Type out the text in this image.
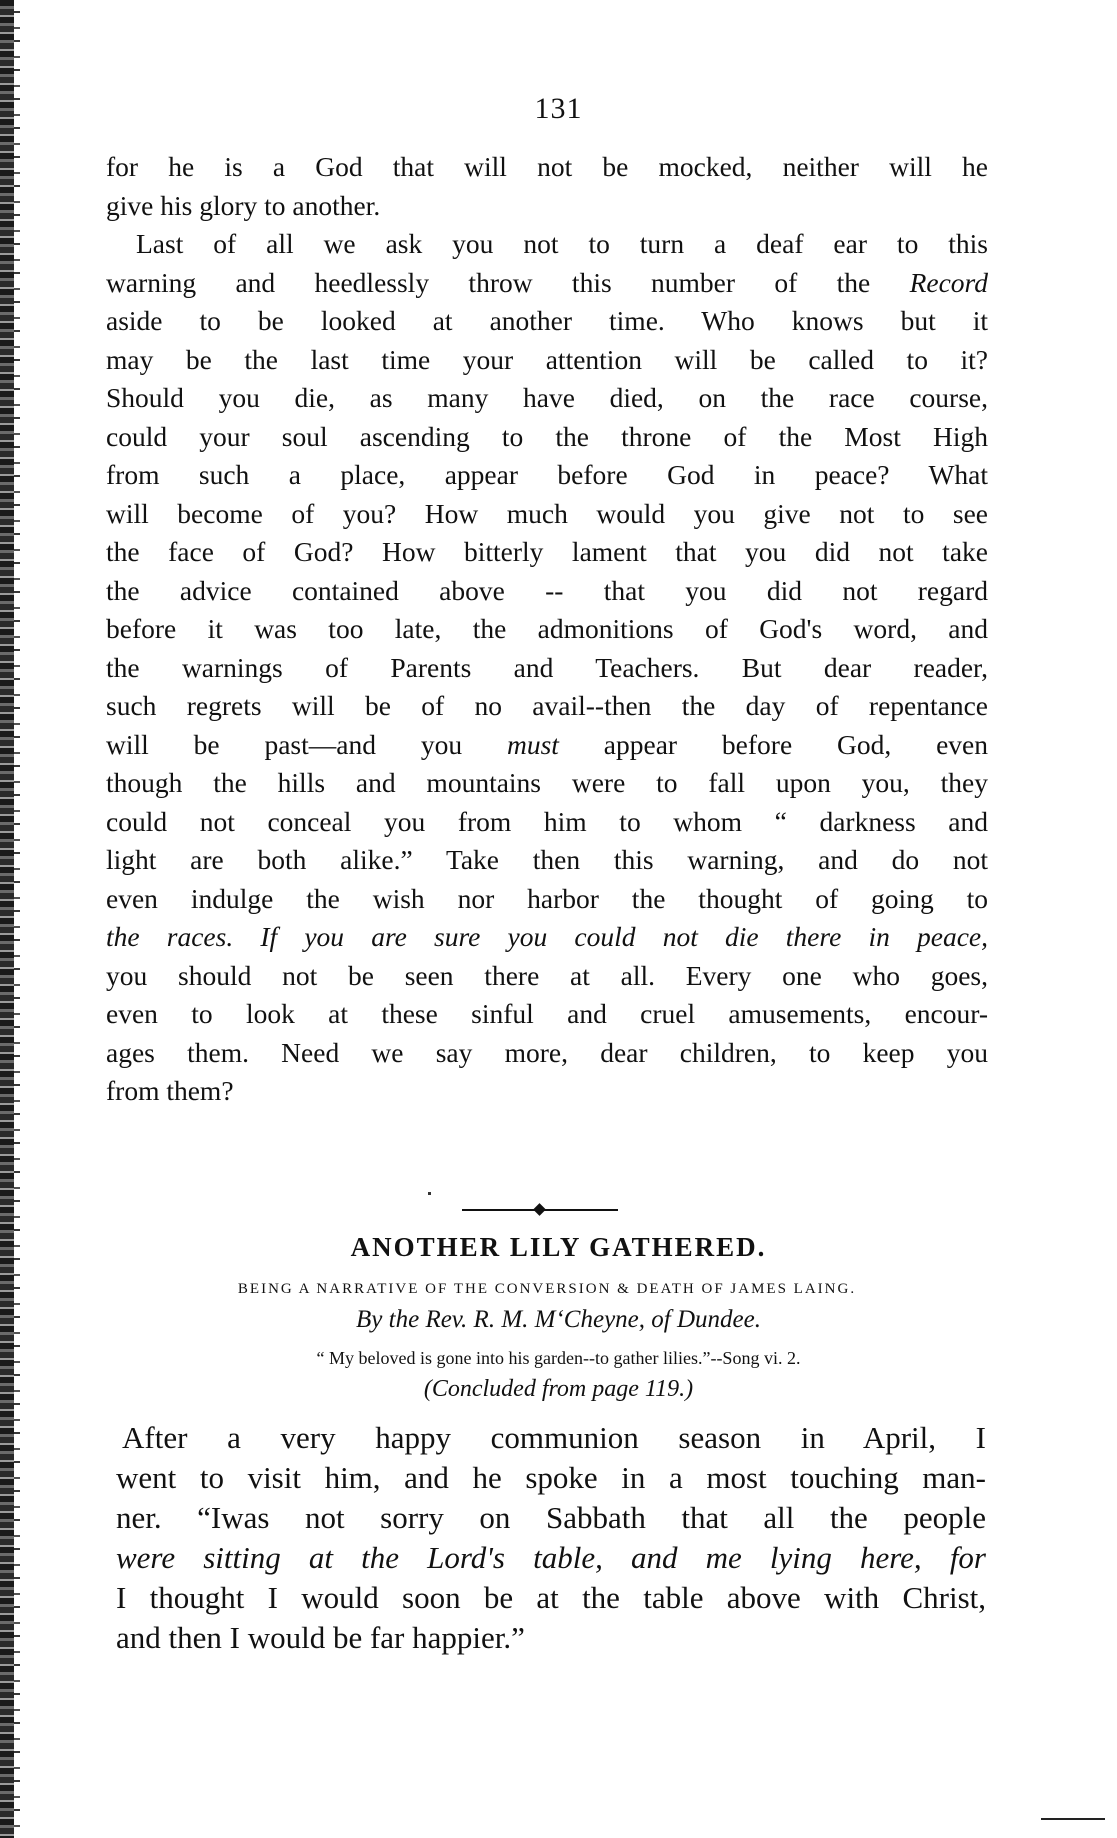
131
for he is a God that will not be mocked, neither will he
give his glory to another.
Last of all we ask you not to turn a deaf ear to this
warning and heedlessly throw this number of the Record
aside to be looked at another time. Who knows but it
may be the last time your attention will be called to it?
Should you die, as many have died, on the race course,
could your soul ascending to the throne of the Most High
from such a place, appear before God in peace? What
will become of you? How much would you give not to see
the face of God? How bitterly lament that you did not take
the advice contained above -- that you did not regard
before it was too late, the admonitions of God's word, and
the warnings of Parents and Teachers. But dear reader,
such regrets will be of no avail--then the day of repentance
will be past—and you must appear before God, even
though the hills and mountains were to fall upon you, they
could not conceal you from him to whom “ darkness and
light are both alike.” Take then this warning, and do not
even indulge the wish nor harbor the thought of going to
the races. If you are sure you could not die there in peace,
you should not be seen there at all. Every one who goes,
even to look at these sinful and cruel amusements, encour-
ages them. Need we say more, dear children, to keep you
from them?
ANOTHER LILY GATHERED.
BEING A NARRATIVE OF THE CONVERSION & DEATH OF JAMES LAING.
By the Rev. R. M. M‘Cheyne, of Dundee.
“ My beloved is gone into his garden--to gather lilies.”--Song vi. 2.
(Concluded from page 119.)
After a very happy communion season in April, I
went to visit him, and he spoke in a most touching man-
ner. “Iwas not sorry on Sabbath that all the people
were sitting at the Lord's table, and me lying here, for
I thought I would soon be at the table above with Christ,
and then I would be far happier.”
